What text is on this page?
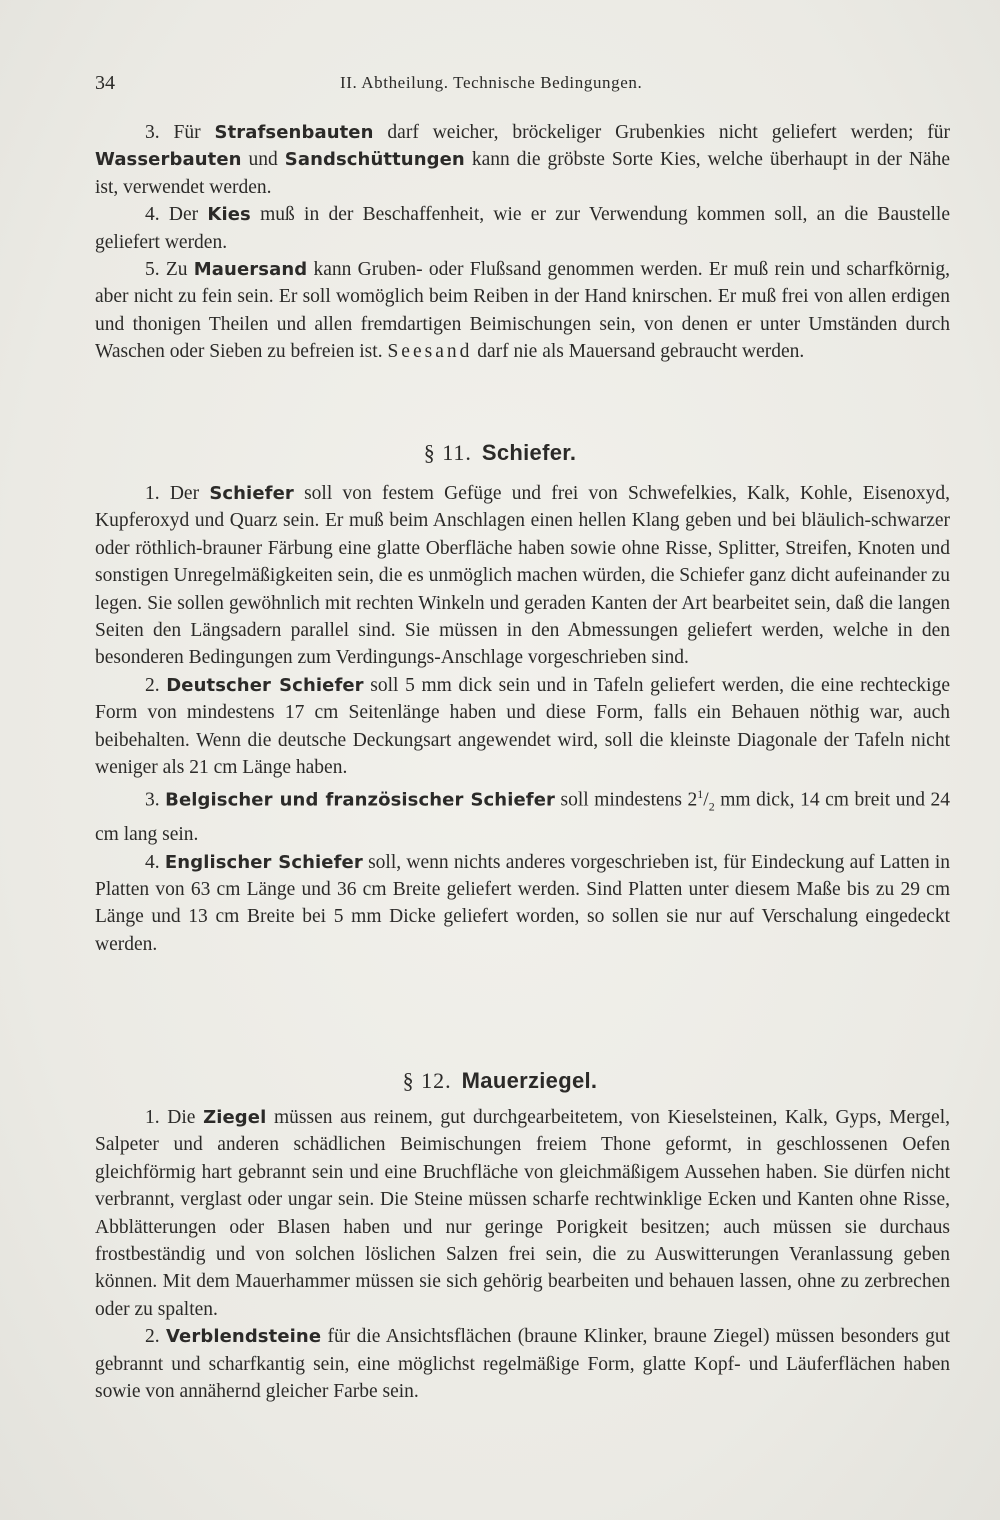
34	II. Abtheilung. Technische Bedingungen.

3. Für Strafsenbauten darf weicher, bröckeliger Grubenkies nicht geliefert werden; für Wasserbauten und Sandschüttungen kann die gröbste Sorte Kies, welche überhaupt in der Nähe ist, verwendet werden.

4. Der Kies muß in der Beschaffenheit, wie er zur Verwendung kommen soll, an die Baustelle geliefert werden.

5. Zu Mauersand kann Gruben- oder Flußsand genommen werden. Er muß rein und scharfkörnig, aber nicht zu fein sein. Er soll womöglich beim Reiben in der Hand knirschen. Er muß frei von allen erdigen und thonigen Theilen und allen fremdartigen Beimischungen sein, von denen er unter Umständen durch Waschen oder Sieben zu befreien ist. Seesand darf nie als Mauersand gebraucht werden.

§ 11. Schiefer.

1. Der Schiefer soll von festem Gefüge und frei von Schwefelkies, Kalk, Kohle, Eisenoxyd, Kupferoxyd und Quarz sein. Er muß beim Anschlagen einen hellen Klang geben und bei bläulich-schwarzer oder röthlich-brauner Färbung eine glatte Oberfläche haben sowie ohne Risse, Splitter, Streifen, Knoten und sonstigen Unregelmäßigkeiten sein, die es unmöglich machen würden, die Schiefer ganz dicht aufeinander zu legen. Sie sollen gewöhnlich mit rechten Winkeln und geraden Kanten der Art bearbeitet sein, daß die langen Seiten den Längsadern parallel sind. Sie müssen in den Abmessungen geliefert werden, welche in den besonderen Bedingungen zum Verdingungs-Anschlage vorgeschrieben sind.

2. Deutscher Schiefer soll 5 mm dick sein und in Tafeln geliefert werden, die eine rechteckige Form von mindestens 17 cm Seitenlänge haben und diese Form, falls ein Behauen nöthig war, auch beibehalten. Wenn die deutsche Deckungsart angewendet wird, soll die kleinste Diagonale der Tafeln nicht weniger als 21 cm Länge haben.

3. Belgischer und französischer Schiefer soll mindestens $2^1/_2$ mm dick, 14 cm breit und 24 cm lang sein.

4. Englischer Schiefer soll, wenn nichts anderes vorgeschrieben ist, für Eindeckung auf Latten in Platten von 63 cm Länge und 36 cm Breite geliefert werden. Sind Platten unter diesem Maße bis zu 29 cm Länge und 13 cm Breite bei 5 mm Dicke geliefert worden, so sollen sie nur auf Verschalung eingedeckt werden.

§ 12. Mauerziegel.

1. Die Ziegel müssen aus reinem, gut durchgearbeitetem, von Kieselsteinen, Kalk, Gyps, Mergel, Salpeter und anderen schädlichen Beimischungen freiem Thone geformt, in geschlossenen Oefen gleichförmig hart gebrannt sein und eine Bruchfläche von gleichmäßigem Aussehen haben. Sie dürfen nicht verbrannt, verglast oder ungar sein. Die Steine müssen scharfe rechtwinklige Ecken und Kanten ohne Risse, Abblätterungen oder Blasen haben und nur geringe Porigkeit besitzen; auch müssen sie durchaus frostbeständig und von solchen löslichen Salzen frei sein, die zu Auswitterungen Veranlassung geben können. Mit dem Mauerhammer müssen sie sich gehörig bearbeiten und behauen lassen, ohne zu zerbrechen oder zu spalten.

2. Verblendsteine für die Ansichtsflächen (braune Klinker, braune Ziegel) müssen besonders gut gebrannt und scharfkantig sein, eine möglichst regelmäßige Form, glatte Kopf- und Läuferflächen haben sowie von annähernd gleicher Farbe sein.
